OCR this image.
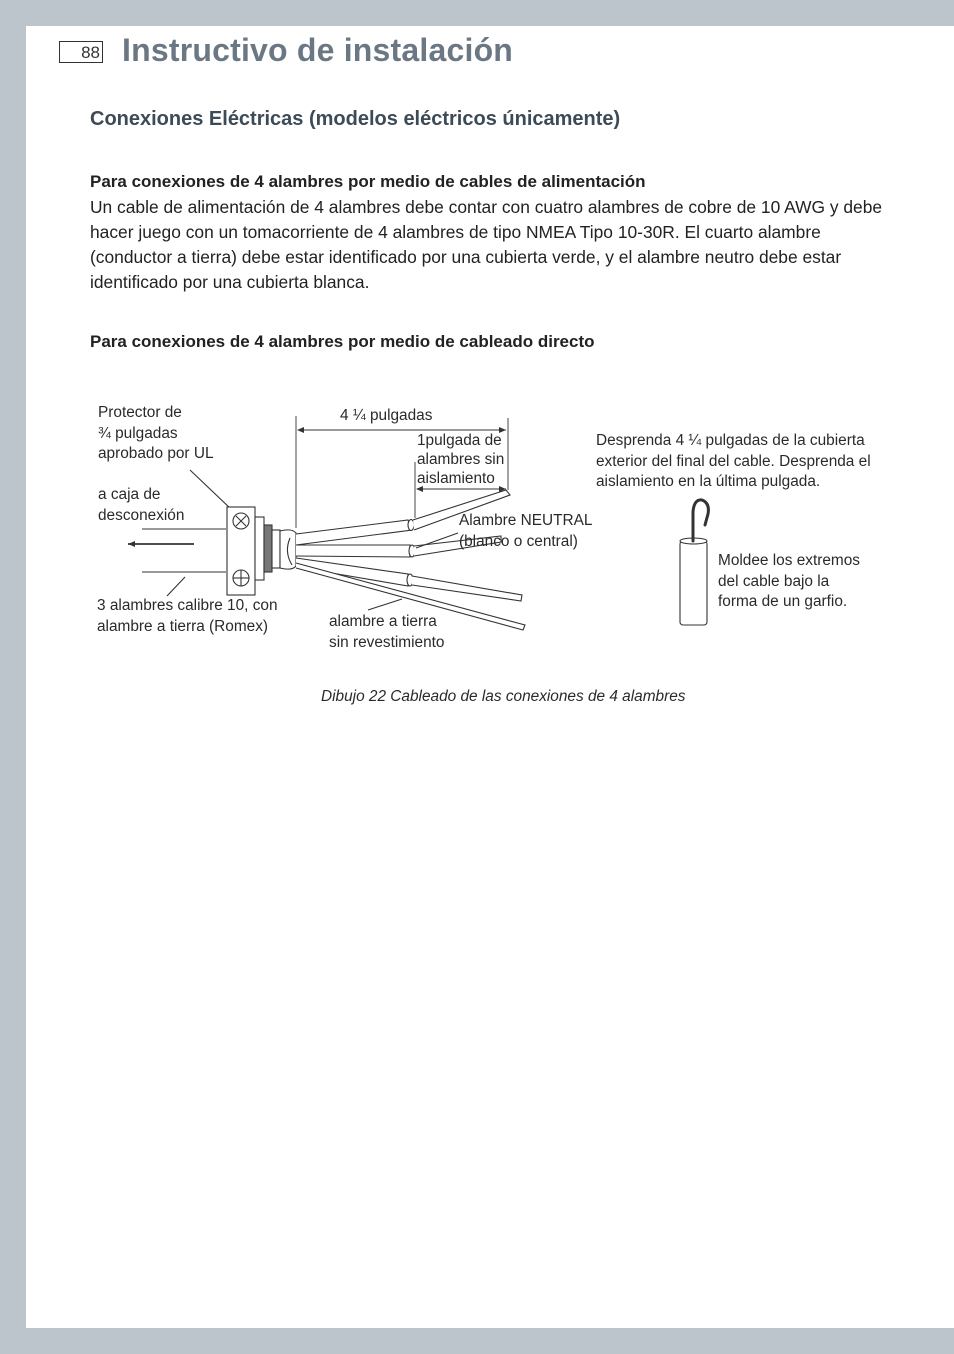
88 Instructivo de instalación
Conexiones Eléctricas (modelos eléctricos únicamente)
Para conexiones de 4 alambres por medio de cables de alimentación
Un cable de alimentación de 4 alambres debe contar con cuatro alambres de cobre de 10 AWG y debe hacer juego con un tomacorriente de 4 alambres de tipo NMEA Tipo 10-30R. El cuarto alambre (conductor a tierra) debe estar identificado por una cubierta verde, y el alambre neutro debe estar identificado por una cubierta blanca.
Para conexiones de 4 alambres por medio de cableado directo
Protector de
¾ pulgadas
aprobado por UL
a caja de
desconexión
3 alambres calibre 10, con
alambre a tierra (Romex)
4 ¼ pulgadas
1pulgada de
alambres sin
aislamiento
Alambre NEUTRAL
(blanco o central)
alambre a tierra
sin revestimiento
Desprenda 4 ¼ pulgadas de la cubierta
exterior del final del cable. Desprenda el
aislamiento en la última pulgada.
Moldee los extremos
del cable bajo la
forma de un garfio.
Dibujo 22 Cableado de las conexiones de 4 alambres
